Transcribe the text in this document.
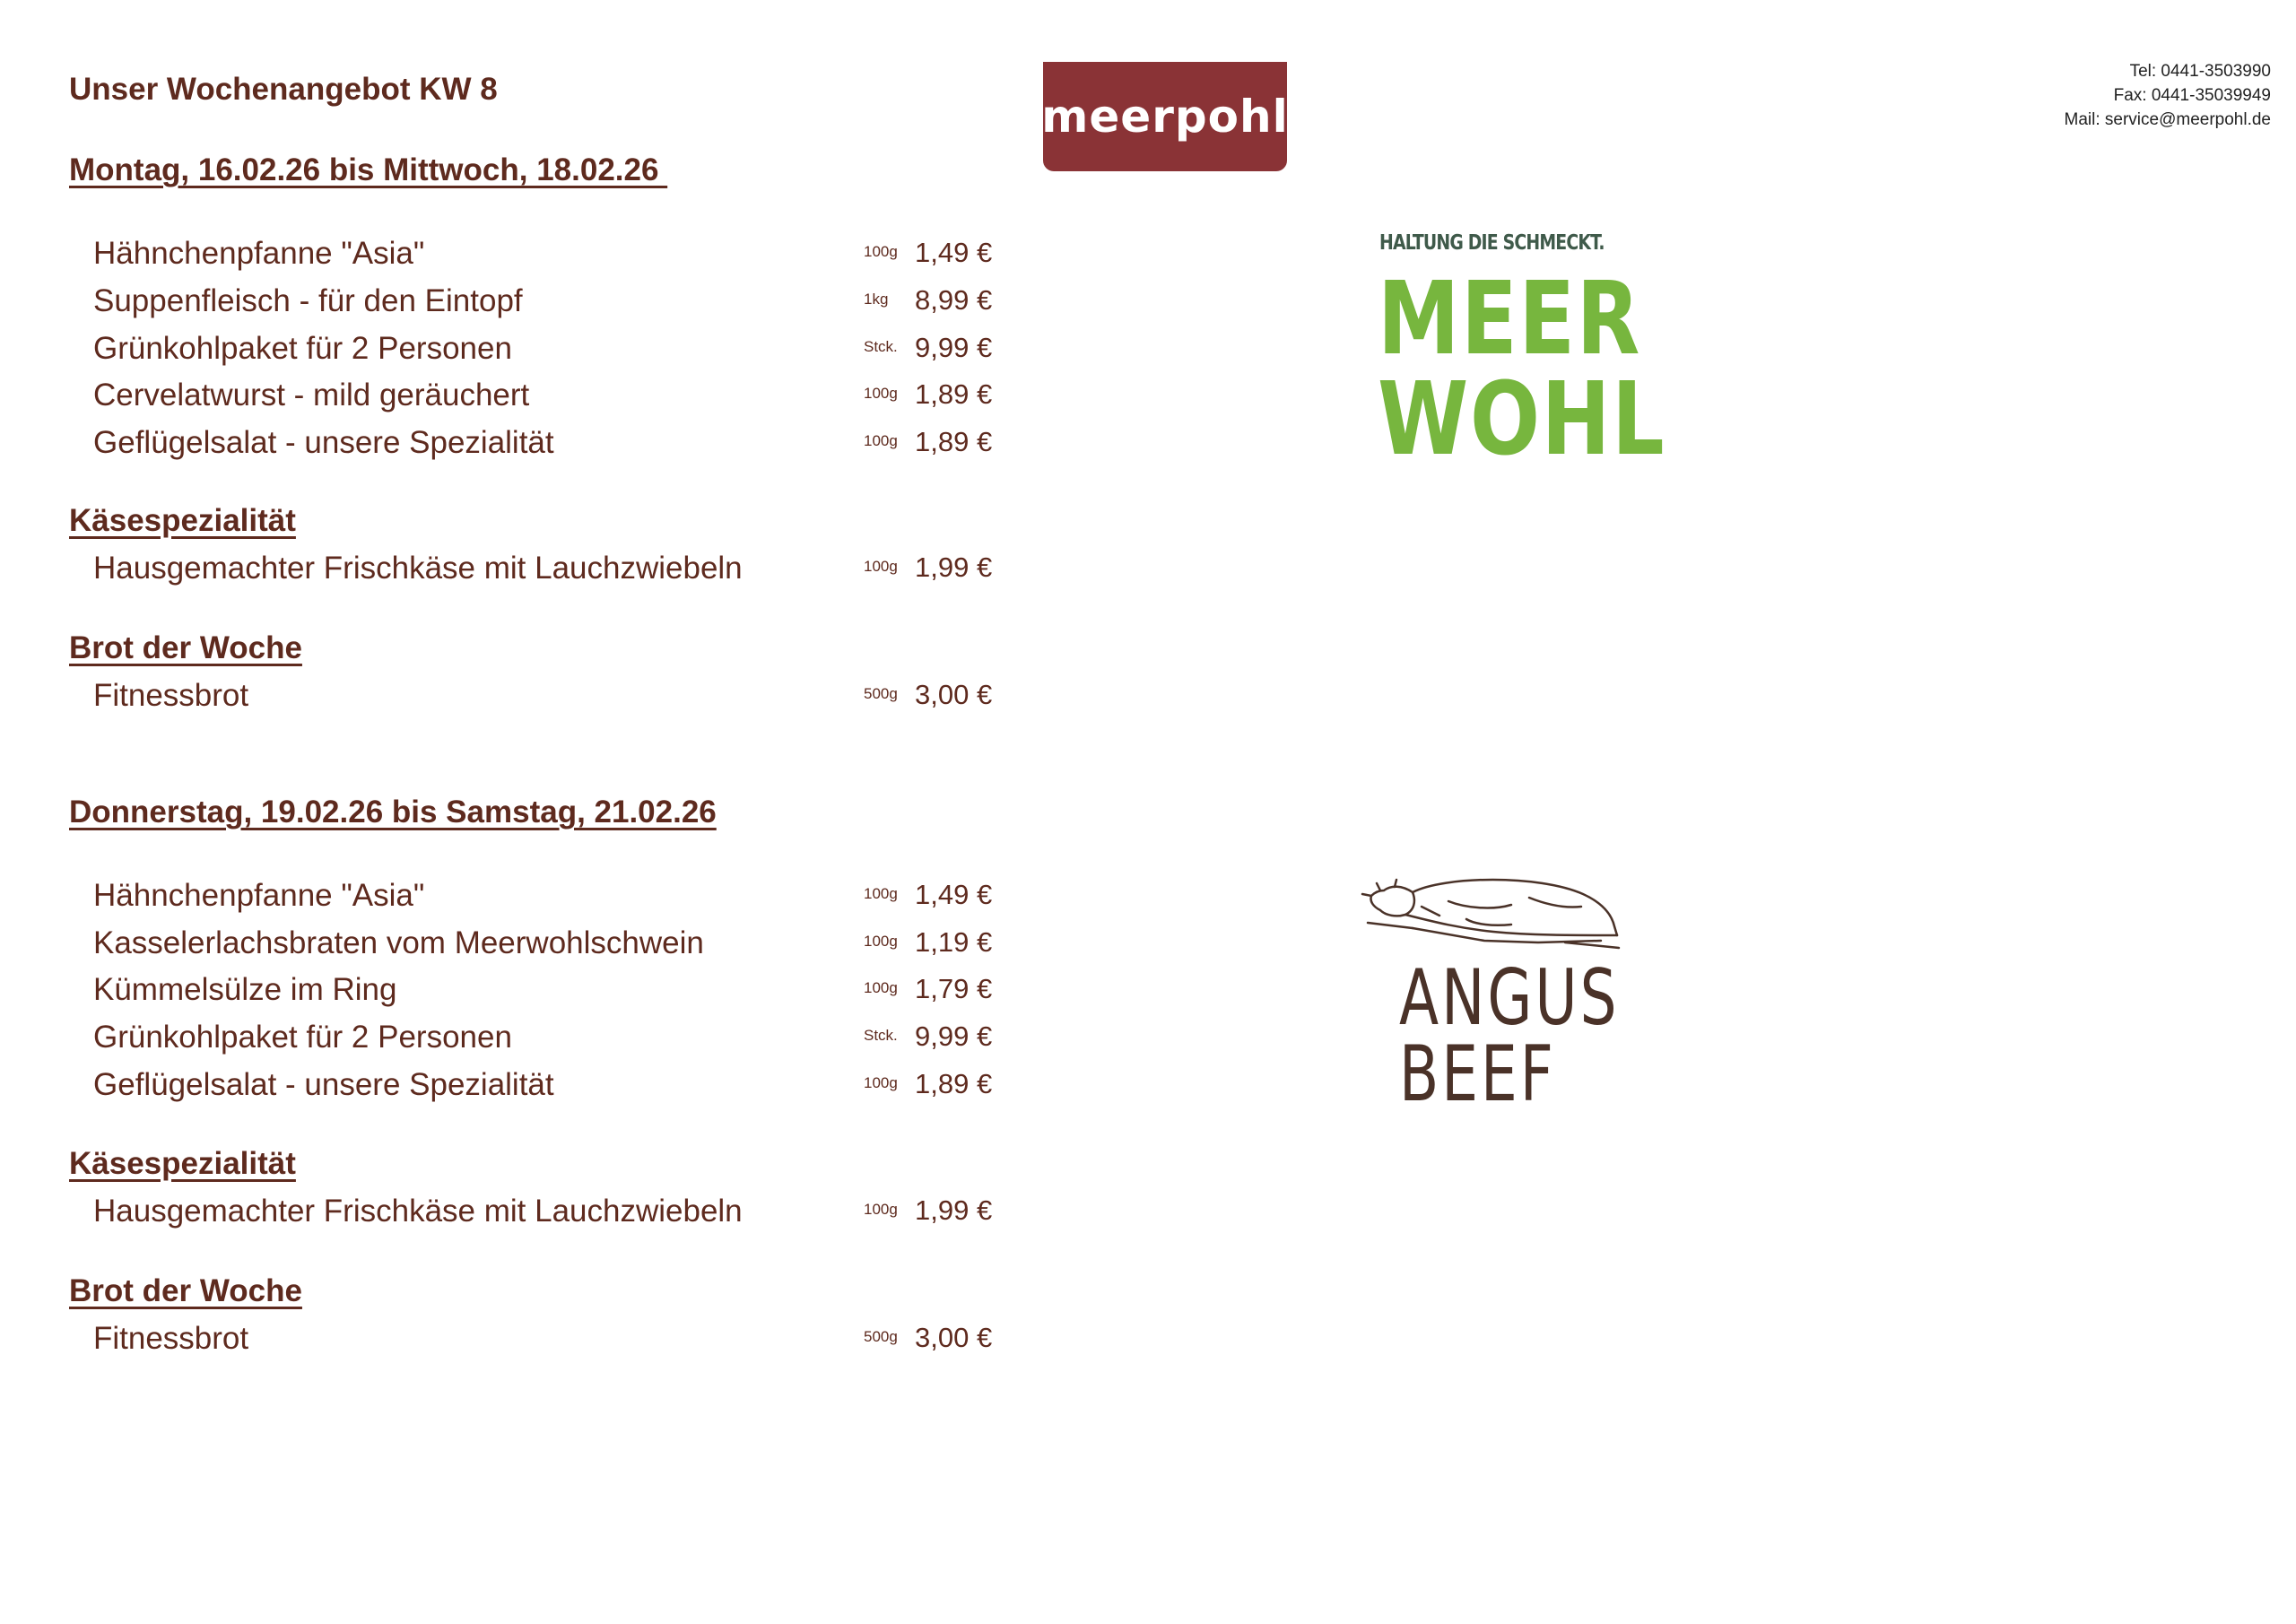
Unser Wochenangebot KW 8
meerpohl
Tel: 0441-3503990
Fax: 0441-35039949
Mail: service@meerpohl.de
HALTUNG DIE SCHMECKT.
MEER
WOHL
ANGUS
BEEF
Montag, 16.02.26 bis Mittwoch, 18.02.26
Hähnchenpfanne "Asia"	100g 1,49 €
Suppenfleisch - für den Eintopf	1kg 8,99 €
Grünkohlpaket für 2 Personen	Stck. 9,99 €
Cervelatwurst - mild geräuchert	100g 1,89 €
Geflügelsalat - unsere Spezialität	100g 1,89 €
Käsespezialität
Hausgemachter Frischkäse mit Lauchzwiebeln	100g 1,99 €
Brot der Woche
Fitnessbrot	500g 3,00 €
Donnerstag, 19.02.26 bis Samstag, 21.02.26
Hähnchenpfanne "Asia"	100g 1,49 €
Kasselerlachsbraten vom Meerwohlschwein	100g 1,19 €
Kümmelsülze im Ring	100g 1,79 €
Grünkohlpaket für 2 Personen	Stck. 9,99 €
Geflügelsalat - unsere Spezialität	100g 1,89 €
Käsespezialität
Hausgemachter Frischkäse mit Lauchzwiebeln	100g 1,99 €
Brot der Woche
Fitnessbrot	500g 3,00 €
